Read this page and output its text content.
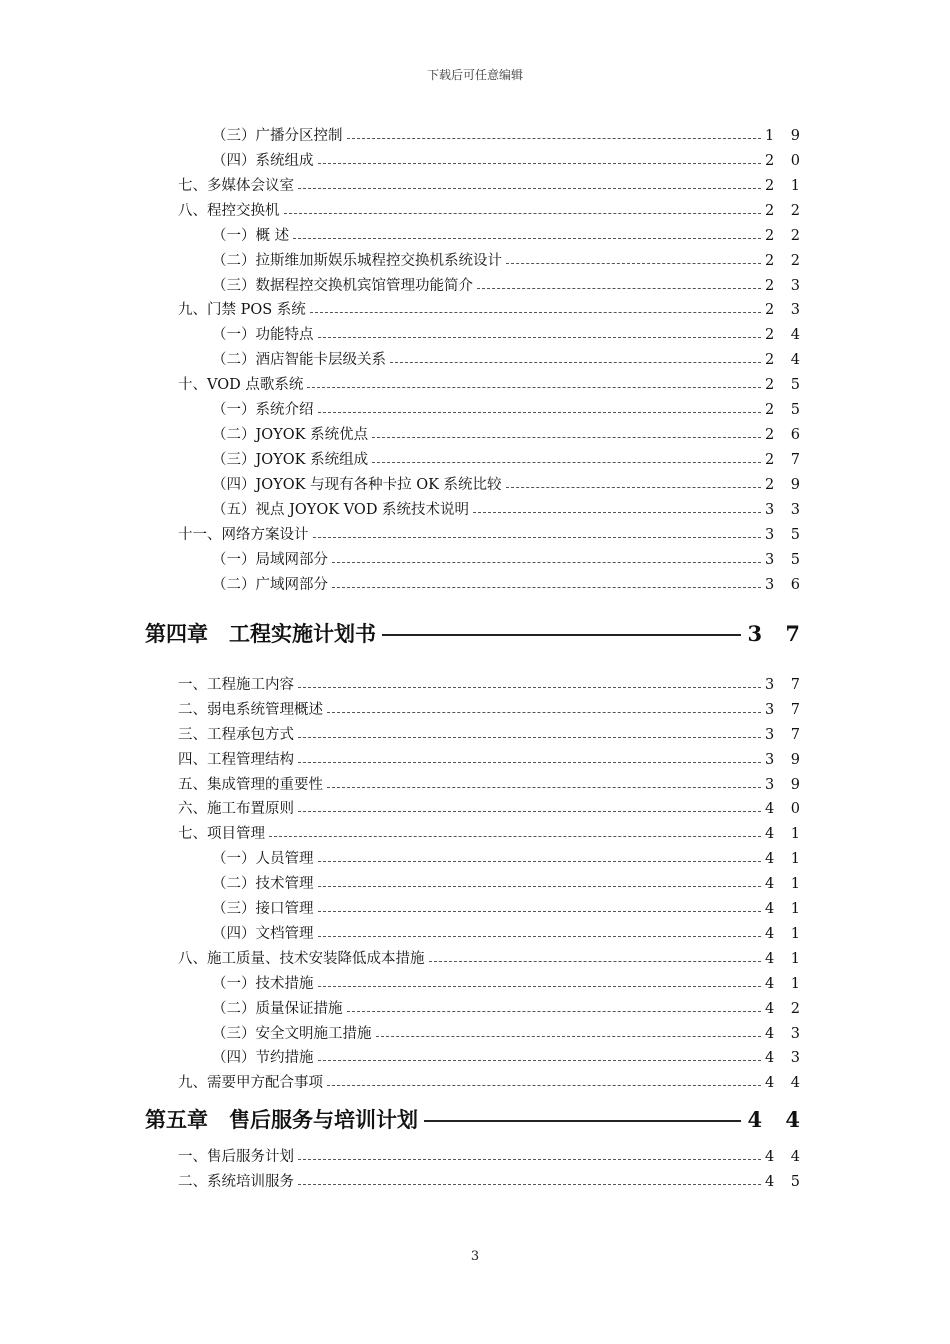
下载后可任意编辑
（三）广播分区控制	1 9
（四）系统组成	2 0
七、多媒体会议室	2 1
八、程控交换机	2 2
（一）概 述	2 2
（二）拉斯维加斯娱乐城程控交换机系统设计	2 2
（三）数据程控交换机宾馆管理功能简介	2 3
九、门禁 POS 系统	2 3
（一）功能特点	2 4
（二）酒店智能卡层级关系	2 4
十、VOD 点歌系统	2 5
（一）系统介绍	2 5
（二）JOYOK 系统优点	2 6
（三）JOYOK 系统组成	2 7
（四）JOYOK 与现有各种卡拉 OK 系统比较	2 9
（五）视点 JOYOK VOD 系统技术说明	3 3
十一、网络方案设计	3 5
（一）局域网部分	3 5
（二）广域网部分	3 6
第四章　工程实施计划书	3 7
一、工程施工内容	3 7
二、弱电系统管理概述	3 7
三、工程承包方式	3 7
四、工程管理结构	3 9
五、集成管理的重要性	3 9
六、施工布置原则	4 0
七、项目管理	4 1
（一）人员管理	4 1
（二）技术管理	4 1
（三）接口管理	4 1
（四）文档管理	4 1
八、施工质量、技术安装降低成本措施	4 1
（一）技术措施	4 1
（二）质量保证措施	4 2
（三）安全文明施工措施	4 3
（四）节约措施	4 3
九、需要甲方配合事项	4 4
第五章　售后服务与培训计划	4 4
一、售后服务计划	4 4
二、系统培训服务	4 5
3
